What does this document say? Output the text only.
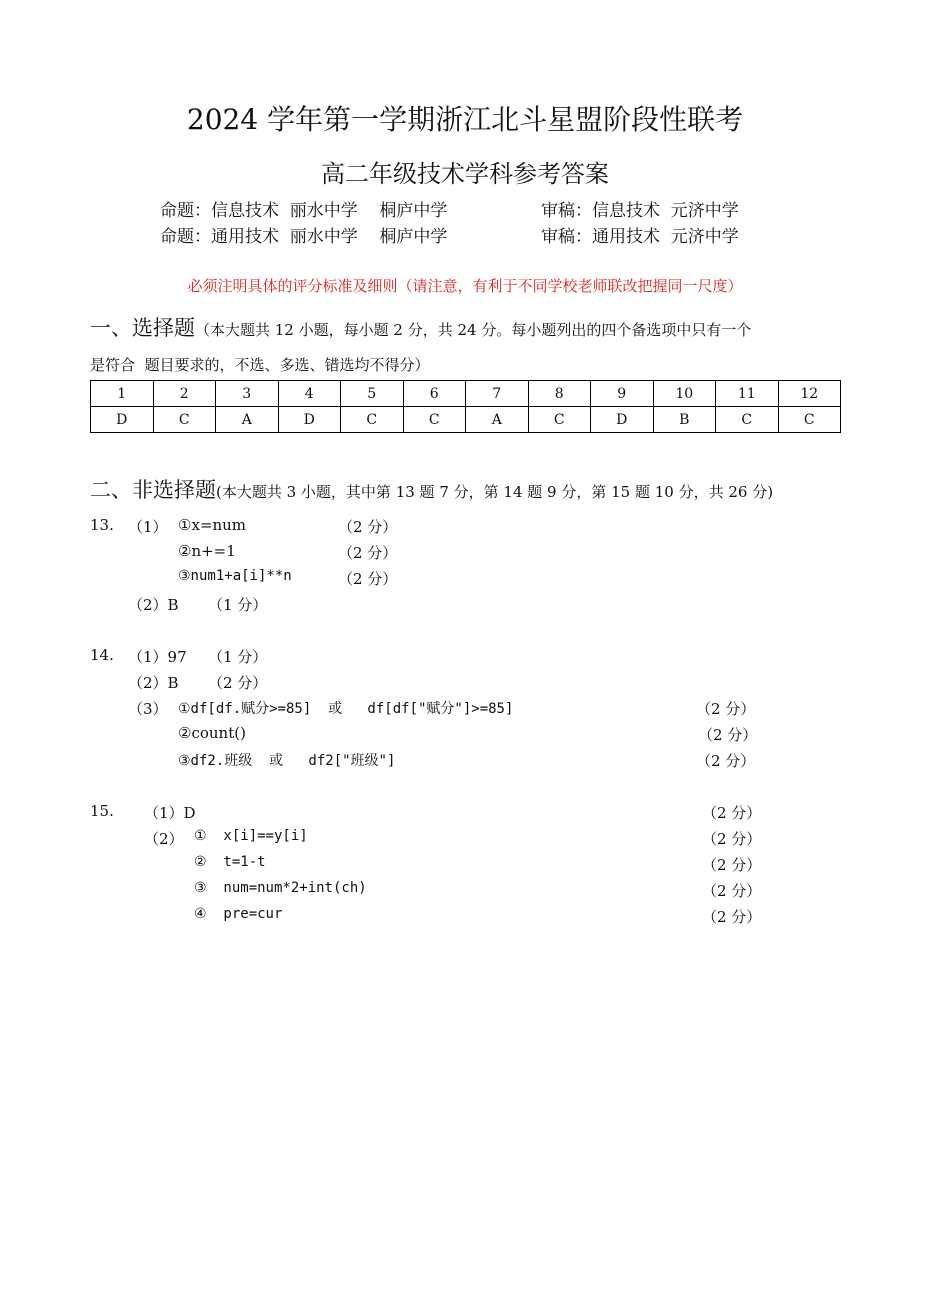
2024 学年第一学期浙江北斗星盟阶段性联考
高二年级技术学科参考答案
命题：信息技术  丽水中学    桐庐中学	审稿：信息技术  元济中学
命题：通用技术  丽水中学    桐庐中学	审稿：通用技术  元济中学
必须注明具体的评分标准及细则（请注意，有利于不同学校老师联改把握同一尺度）
一、选择题（本大题共 12 小题，每小题 2 分，共 24 分。每小题列出的四个备选项中只有一个
是符合  题目要求的，不选、多选、错选均不得分）
1	2	3	4	5	6	7	8	9	10	11	12
D	C	A	D	C	C	A	C	D	B	C	C
二、非选择题(本大题共 3 小题，其中第 13 题 7 分，第 14 题 9 分，第 15 题 10 分，共 26 分)
13. （1） ①x=num	（2 分）
②n+=1	（2 分）
③num1+a[i]**n	（2 分）
（2）B （1 分）
14. （1）97 （1 分）
（2）B （2 分）
（3） ①df[df.赋分>=85]  或   df[df["赋分"]>=85]	（2 分）
②count()	（2 分）
③df2.班级  或   df2["班级"]	（2 分）
15. （1）D	（2 分）
（2） ①  x[i]==y[i]	（2 分）
②  t=1-t	（2 分）
③  num=num*2+int(ch)	（2 分）
④  pre=cur	（2 分）
